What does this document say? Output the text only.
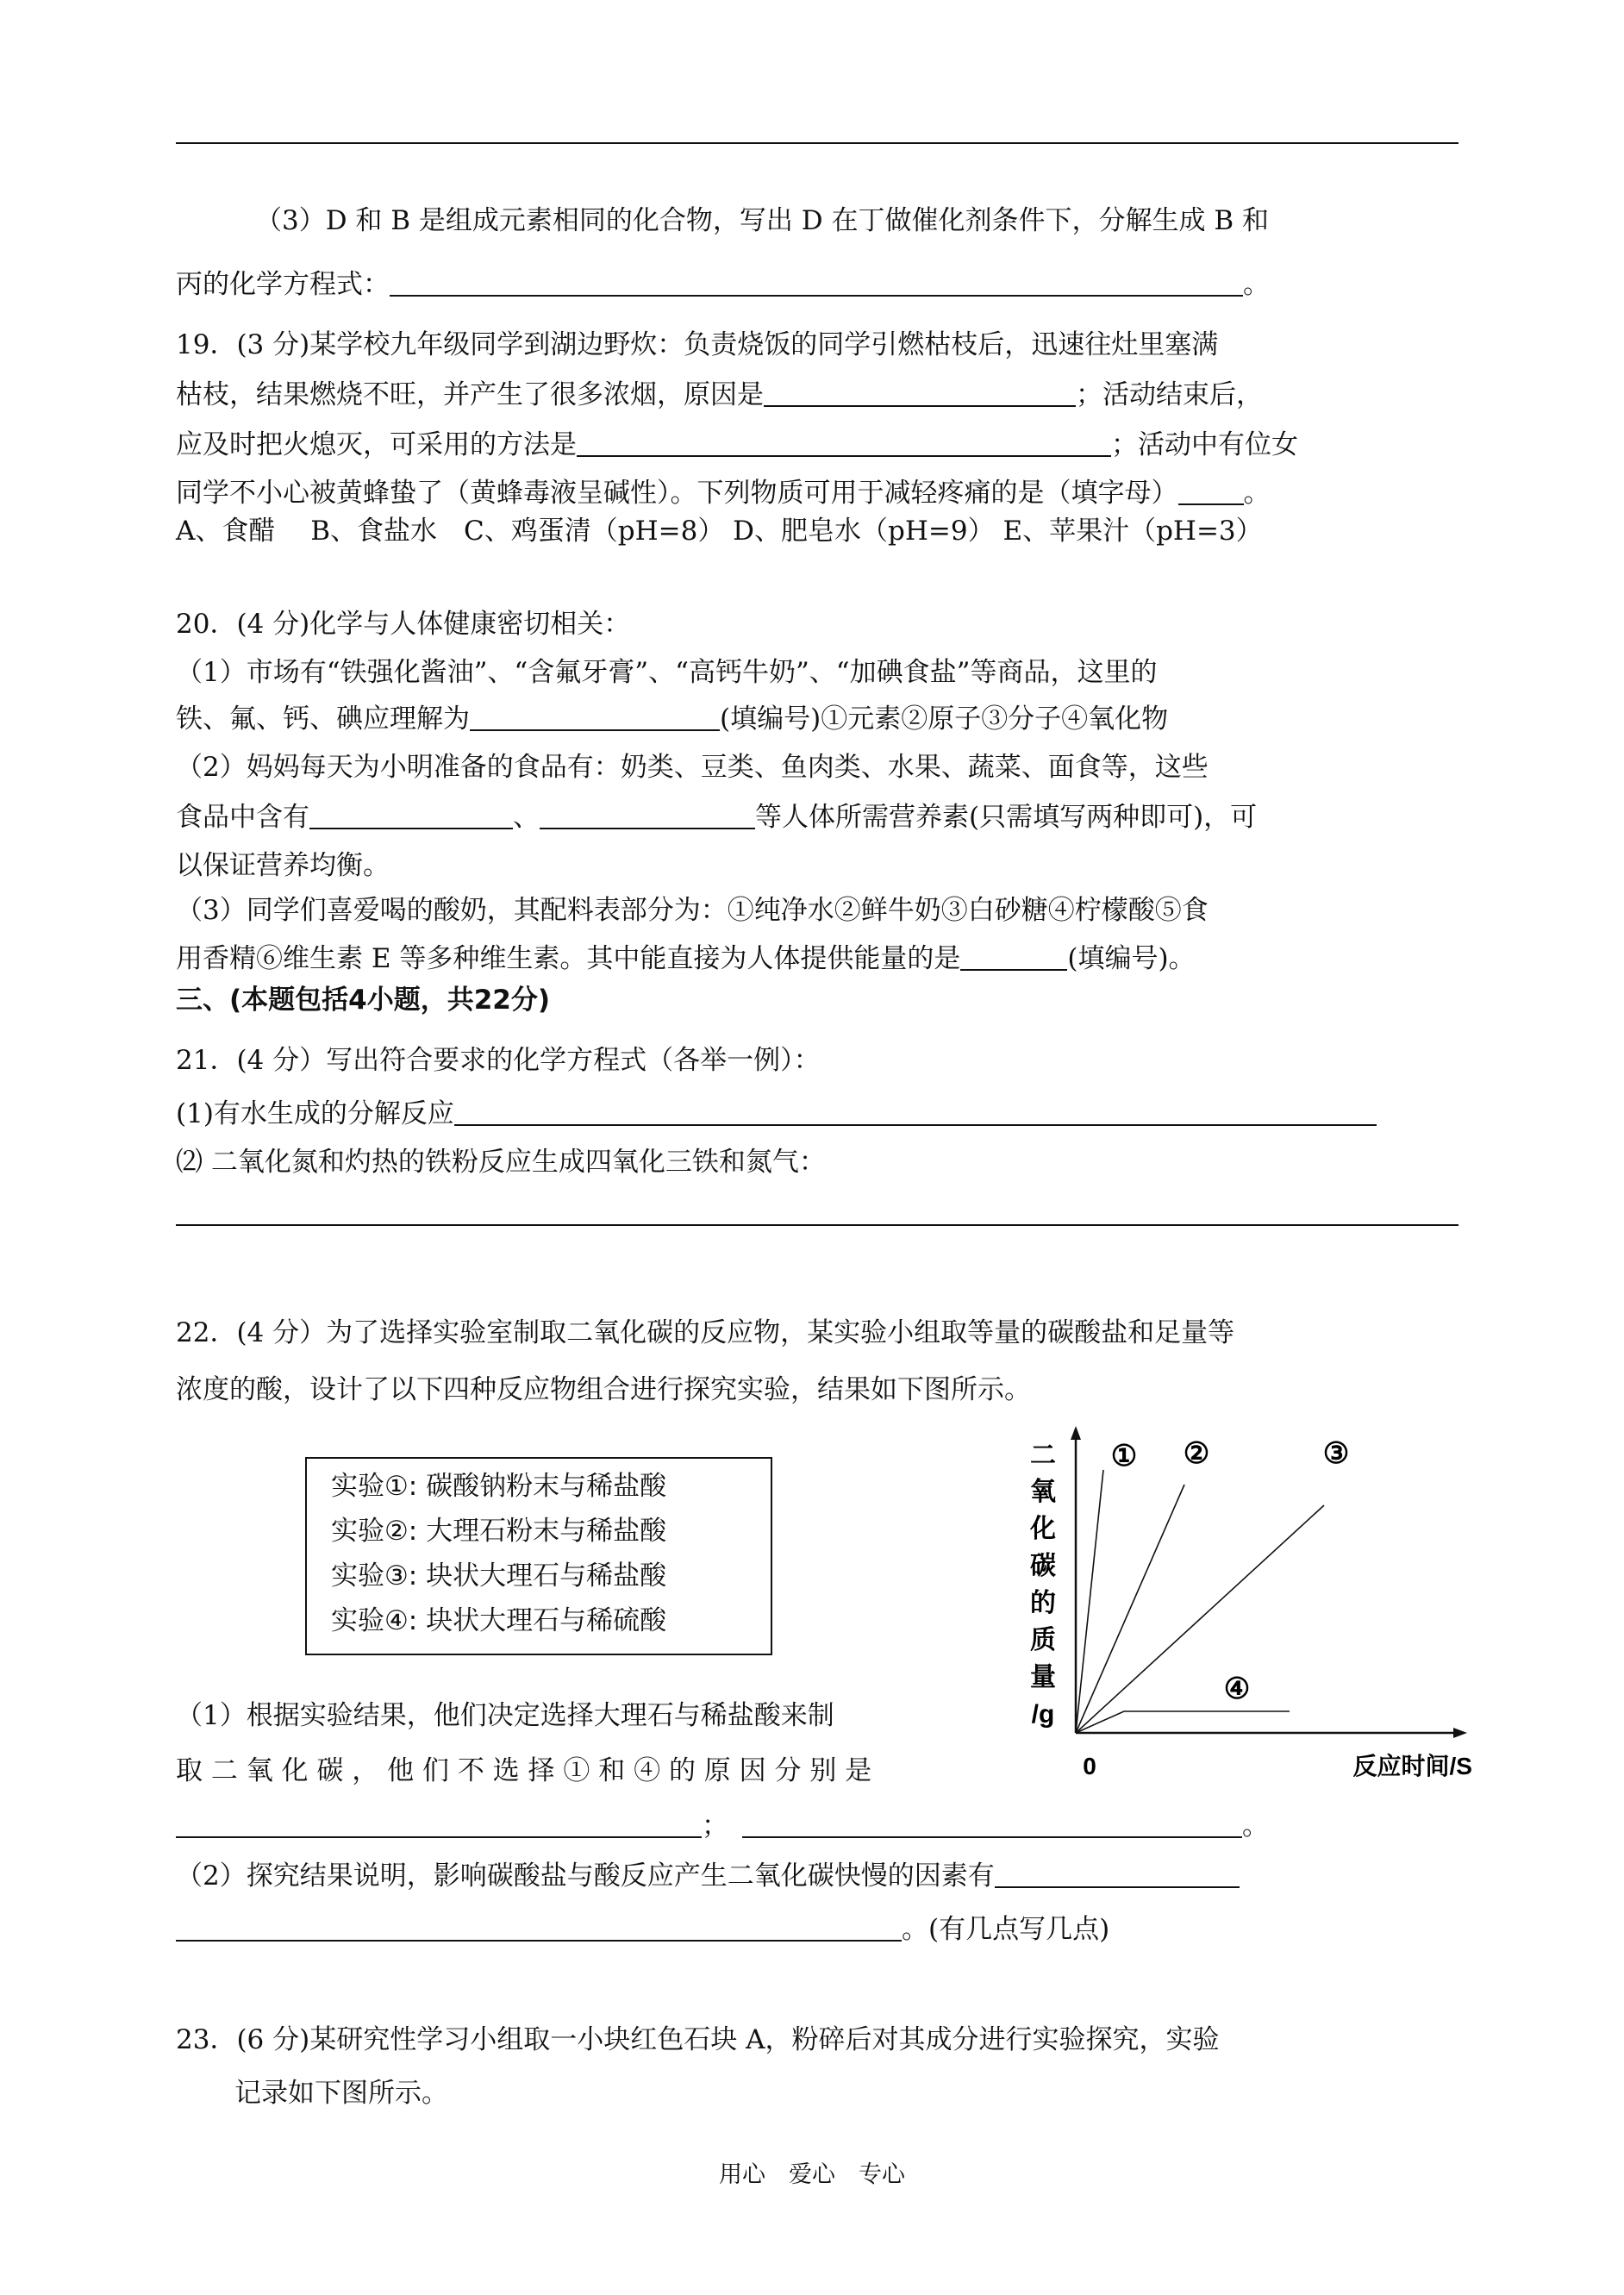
（3）D 和 B 是组成元素相同的化合物，写出 D 在丁做催化剂条件下，分解生成 B 和
丙的化学方程式：	。
19．(3 分)某学校九年级同学到湖边野炊：负责烧饭的同学引燃枯枝后，迅速往灶里塞满
枯枝，结果燃烧不旺，并产生了很多浓烟，原因是	；活动结束后，
应及时把火熄灭，可采用的方法是	；活动中有位女
同学不小心被黄蜂蛰了（黄蜂毒液呈碱性）。下列物质可用于减轻疼痛的是（填字母） 。
A、食醋　 B、食盐水　C、鸡蛋清（pH=8） D、肥皂水（pH=9） E、苹果汁（pH=3）
20．(4 分)化学与人体健康密切相关：
（1）市场有“铁强化酱油”、“含氟牙膏”、“高钙牛奶”、“加碘食盐”等商品，这里的
铁、氟、钙、碘应理解为	(填编号)①元素②原子③分子④氧化物
（2）妈妈每天为小明准备的食品有：奶类、豆类、鱼肉类、水果、蔬菜、面食等，这些
食品中含有	、	等人体所需营养素(只需填写两种即可)，可
以保证营养均衡。
（3）同学们喜爱喝的酸奶，其配料表部分为：①纯净水②鲜牛奶③白砂糖④柠檬酸⑤食
用香精⑥维生素 E 等多种维生素。其中能直接为人体提供能量的是	(填编号)。
三、(本题包括4小题，共22分)
21．(4 分）写出符合要求的化学方程式（各举一例）：
(1)有水生成的分解反应
⑵ 二氧化氮和灼热的铁粉反应生成四氧化三铁和氮气：
22．(4 分）为了选择实验室制取二氧化碳的反应物，某实验小组取等量的碳酸盐和足量等
浓度的酸，设计了以下四种反应物组合进行探究实验，结果如下图所示。
实验①: 碳酸钠粉末与稀盐酸
实验②: 大理石粉末与稀盐酸
实验③: 块状大理石与稀盐酸
实验④: 块状大理石与稀硫酸
二
氧
化
碳
的
质
量
/g
0	反应时间/S
① ②	③
④
（1）根据实验结果，他们决定选择大理石与稀盐酸来制
取 二 氧 化 碳 ， 他 们 不 选 择 ① 和 ④ 的 原 因 分 别 是
；	。
（2）探究结果说明，影响碳酸盐与酸反应产生二氧化碳快慢的因素有
。(有几点写几点)
23．(6 分)某研究性学习小组取一小块红色石块 A，粉碎后对其成分进行实验探究，实验
记录如下图所示。
用心　爱心　专心
